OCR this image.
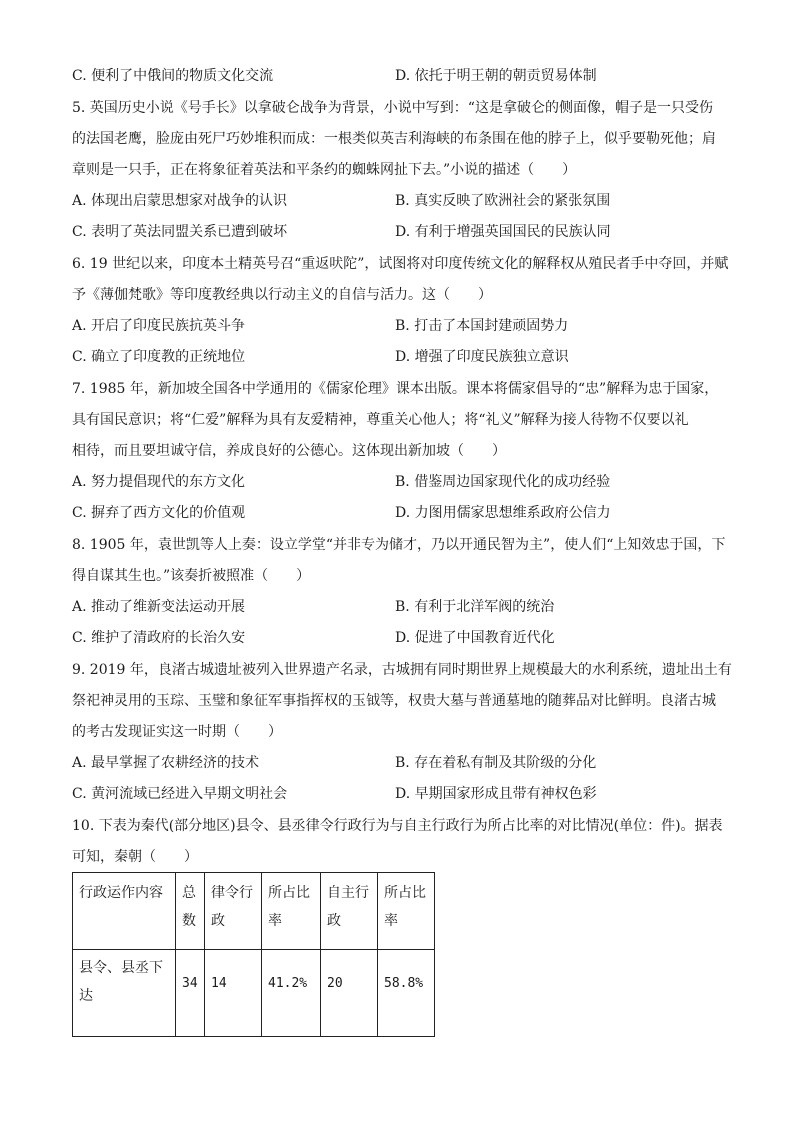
C. 便利了中俄间的物质文化交流	D. 依托于明王朝的朝贡贸易体制
5. 英国历史小说《号手长》以拿破仑战争为背景，小说中写到：“这是拿破仑的侧面像，帽子是一只受伤
的法国老鹰，脸庞由死尸巧妙堆积而成：一根类似英吉利海峡的布条围在他的脖子上，似乎要勒死他；肩
章则是一只手，正在将象征着英法和平条约的蜘蛛网扯下去。”小说的描述（　　）
A. 体现出启蒙思想家对战争的认识	B. 真实反映了欧洲社会的紧张氛围
C. 表明了英法同盟关系已遭到破坏	D. 有利于增强英国国民的民族认同
6. 19 世纪以来，印度本土精英号召“重返吠陀”，试图将对印度传统文化的解释权从殖民者手中夺回，并赋
予《薄伽梵歌》等印度教经典以行动主义的自信与活力。这（　　）
A. 开启了印度民族抗英斗争	B. 打击了本国封建顽固势力
C. 确立了印度教的正统地位	D. 增强了印度民族独立意识
7. 1985 年，新加坡全国各中学通用的《儒家伦理》课本出版。课本将儒家倡导的“忠”解释为忠于国家，
具有国民意识；将“仁爱”解释为具有友爱精神，尊重关心他人；将“礼义”解释为接人待物不仅要以礼
相待，而且要坦诚守信，养成良好的公德心。这体现出新加坡（　　）
A. 努力提倡现代的东方文化	B. 借鉴周边国家现代化的成功经验
C. 摒弃了西方文化的价值观	D. 力图用儒家思想维系政府公信力
8. 1905 年，袁世凯等人上奏：设立学堂“并非专为储才，乃以开通民智为主”，使人们“上知效忠于国，下
得自谋其生也。”该奏折被照准（　　）
A. 推动了维新变法运动开展	B. 有利于北洋军阀的统治
C. 维护了清政府的长治久安	D. 促进了中国教育近代化
9. 2019 年，良渚古城遗址被列入世界遗产名录，古城拥有同时期世界上规模最大的水利系统，遗址出土有
祭祀神灵用的玉琮、玉璧和象征军事指挥权的玉钺等，权贵大墓与普通墓地的随葬品对比鲜明。良渚古城
的考古发现证实这一时期（　　）
A. 最早掌握了农耕经济的技术	B. 存在着私有制及其阶级的分化
C. 黄河流域已经进入早期文明社会	D. 早期国家形成且带有神权色彩
10. 下表为秦代(部分地区)县令、县丞律令行政行为与自主行政行为所占比率的对比情况(单位：件)。据表
可知，秦朝（　　）
行政运作内容	总数	律令行政	所占比率	自主行政	所占比率
县令、县丞下达	34	14	41.2%	20	58.8%
